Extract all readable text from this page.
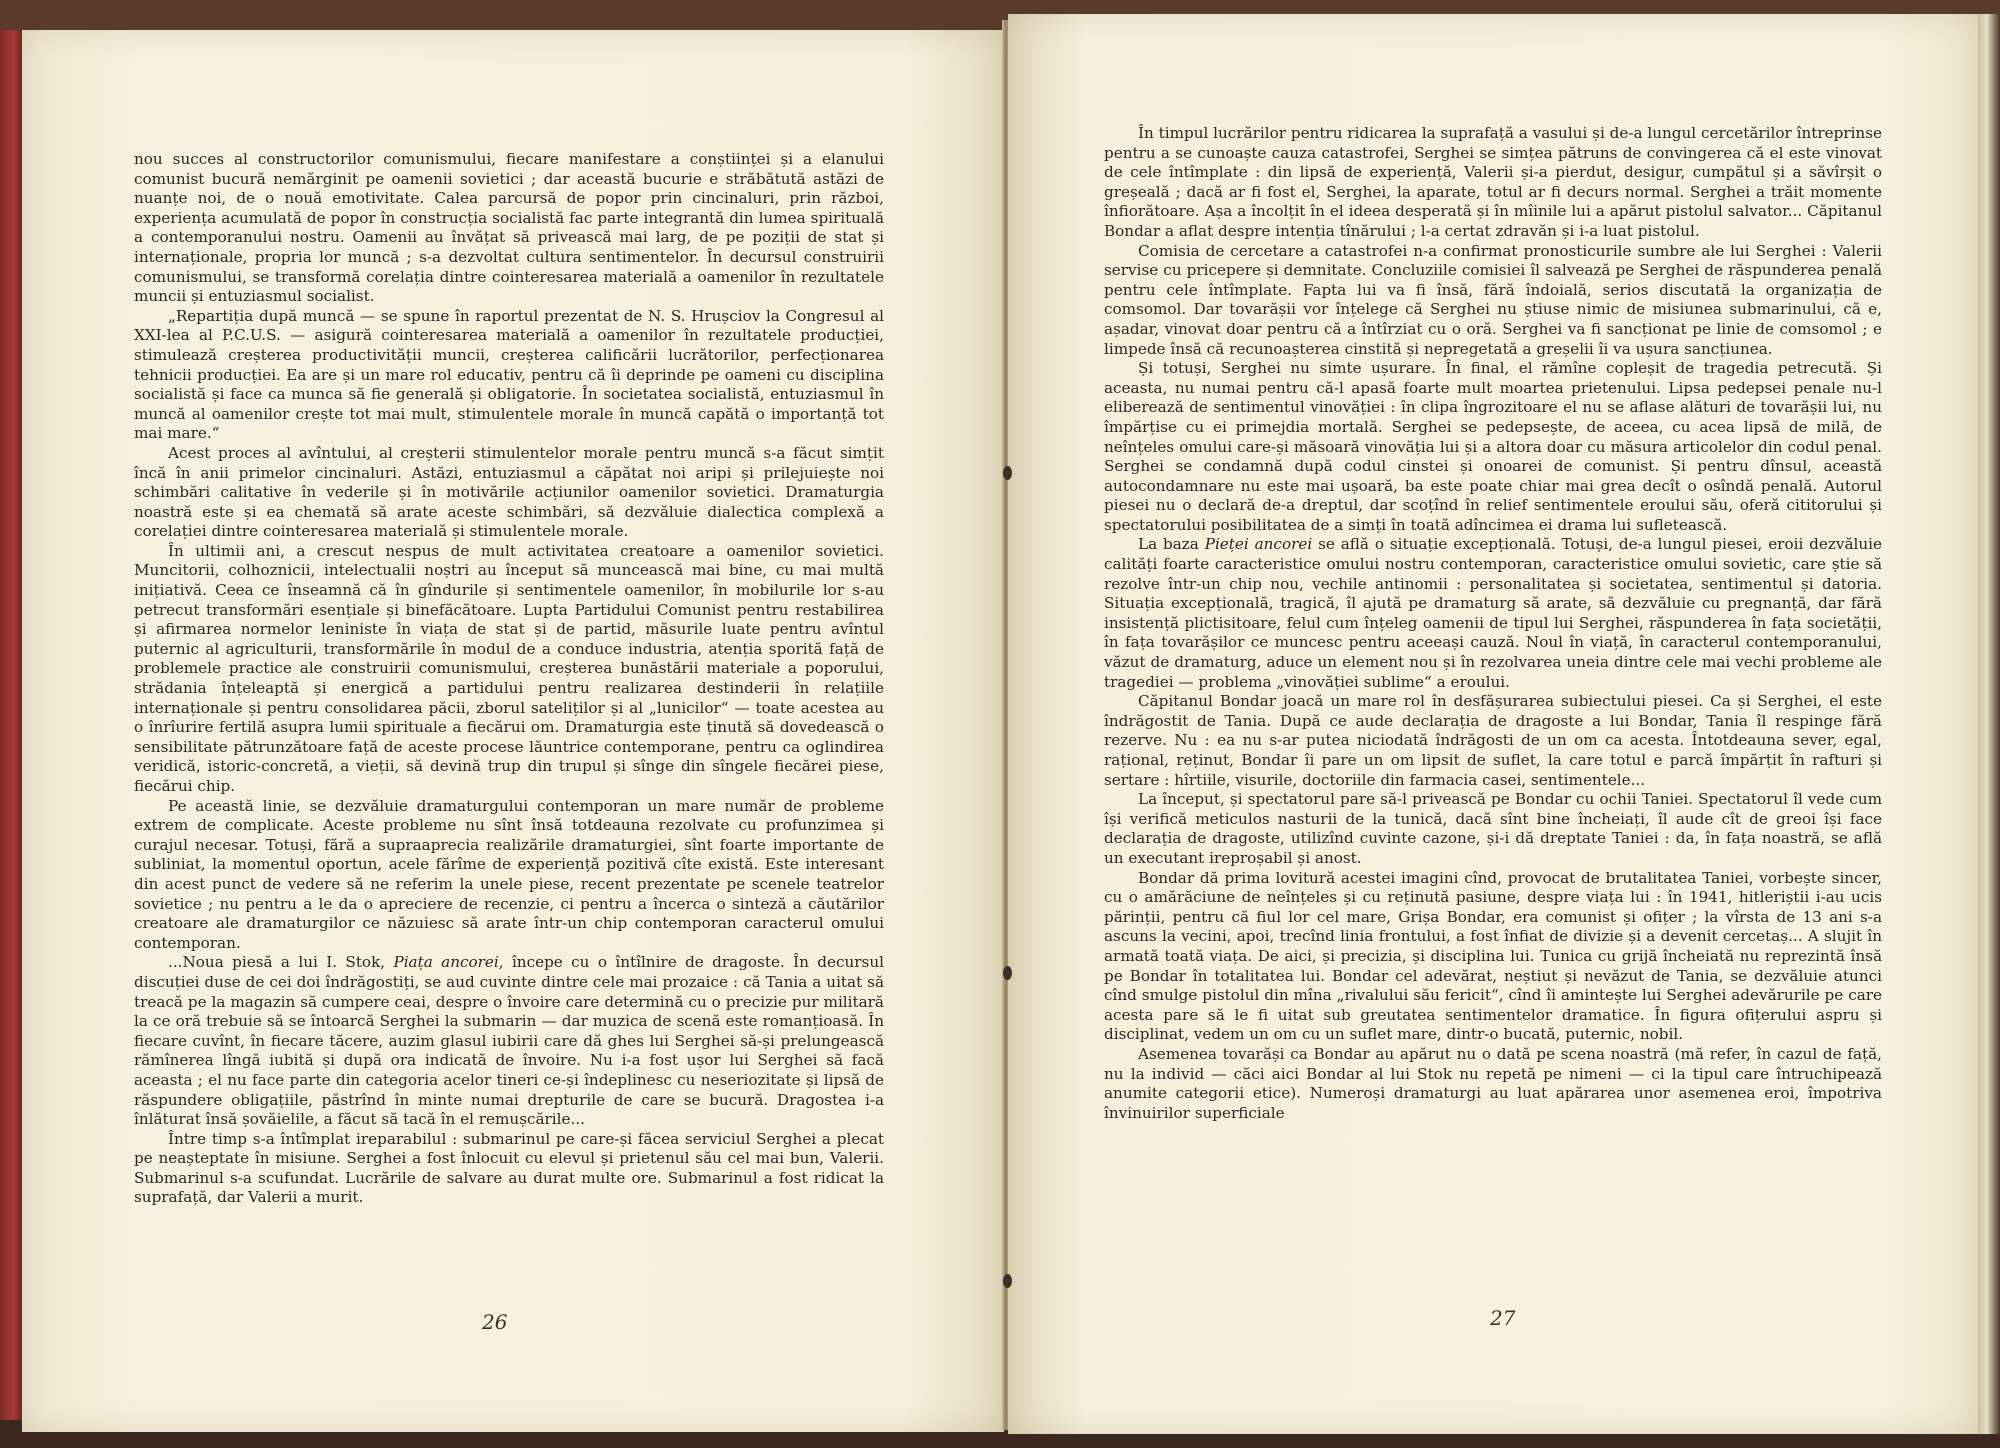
nou succes al constructorilor comunismului, fiecare manifestare a conștiinței și a elanului comunist bucură nemărginit pe oamenii sovietici ; dar această bucurie e străbătută astăzi de nuanțe noi, de o nouă emotivitate. Calea parcursă de popor prin cincinaluri, prin război, experiența acumulată de popor în construcția socialistă fac parte integrantă din lumea spirituală a contemporanului nostru. Oamenii au învățat să privească mai larg, de pe poziții de stat și internaționale, propria lor muncă ; s-a dezvoltat cultura sentimentelor. În decursul construirii comunismului, se transformă corelația dintre cointeresarea materială a oamenilor în rezultatele muncii și entuziasmul socialist.

„Repartiția după muncă — se spune în raportul prezentat de N. S. Hrușciov la Congresul al XXI-lea al P.C.U.S. — asigură cointeresarea materială a oamenilor în rezultatele producției, stimulează creșterea productivității muncii, creșterea calificării lucrătorilor, perfecționarea tehnicii producției. Ea are și un mare rol educativ, pentru că îi deprinde pe oameni cu disciplina socialistă și face ca munca să fie generală și obligatorie. În societatea socialistă, entuziasmul în muncă al oamenilor crește tot mai mult, stimulentele morale în muncă capătă o importanță tot mai mare.“

Acest proces al avîntului, al creșterii stimulentelor morale pentru muncă s-a făcut simțit încă în anii primelor cincinaluri. Astăzi, entuziasmul a căpătat noi aripi și prilejuiește noi schimbări calitative în vederile și în motivările acțiunilor oamenilor sovietici. Dramaturgia noastră este și ea chemată să arate aceste schimbări, să dezvăluie dialectica complexă a corelației dintre cointeresarea materială și stimulentele morale.

În ultimii ani, a crescut nespus de mult activitatea creatoare a oamenilor sovietici. Muncitorii, colhoznicii, intelectualii noștri au început să muncească mai bine, cu mai multă inițiativă. Ceea ce înseamnă că în gîndurile și sentimentele oamenilor, în mobilurile lor s-au petrecut transformări esențiale și binefăcătoare. Lupta Partidului Comunist pentru restabilirea și afirmarea normelor leniniste în viața de stat și de partid, măsurile luate pentru avîntul puternic al agriculturii, transformările în modul de a conduce industria, atenția sporită față de problemele practice ale construirii comunismului, creșterea bunăstării materiale a poporului, strădania înțeleaptă și energică a partidului pentru realizarea destinderii în relațiile internaționale și pentru consolidarea păcii, zborul sateliților și al „lunicilor“ — toate acestea au o înrîurire fertilă asupra lumii spirituale a fiecărui om. Dramaturgia este ținută să dovedească o sensibilitate pătrunzătoare față de aceste procese lăuntrice contemporane, pentru ca oglindirea veridică, istoric-concretă, a vieții, să devină trup din trupul și sînge din sîngele fiecărei piese, fiecărui chip.

Pe această linie, se dezvăluie dramaturgului contemporan un mare număr de probleme extrem de complicate. Aceste probleme nu sînt însă totdeauna rezolvate cu profunzimea și curajul necesar. Totuși, fără a supraaprecia realizările dramaturgiei, sînt foarte importante de subliniat, la momentul oportun, acele fărîme de experiență pozitivă cîte există. Este interesant din acest punct de vedere să ne referim la unele piese, recent prezentate pe scenele teatrelor sovietice ; nu pentru a le da o apreciere de recenzie, ci pentru a încerca o sinteză a căutărilor creatoare ale dramaturgilor ce năzuiesc să arate într-un chip contemporan caracterul omului contemporan.

...Noua piesă a lui I. Stok, Piața ancorei, începe cu o întîlnire de dragoste. În decursul discuției duse de cei doi îndrăgostiți, se aud cuvinte dintre cele mai prozaice : că Tania a uitat să treacă pe la magazin să cumpere ceai, despre o învoire care determină cu o precizie pur militară la ce oră trebuie să se întoarcă Serghei la submarin — dar muzica de scenă este romanțioasă. În fiecare cuvînt, în fiecare tăcere, auzim glasul iubirii care dă ghes lui Serghei să-și prelungească rămînerea lîngă iubită și după ora indicată de învoire. Nu i-a fost ușor lui Serghei să facă aceasta ; el nu face parte din categoria acelor tineri ce-și îndeplinesc cu neseriozitate și lipsă de răspundere obligațiile, păstrînd în minte numai drepturile de care se bucură. Dragostea i-a înlăturat însă șovăielile, a făcut să tacă în el remușcările...

Între timp s-a întîmplat ireparabilul : submarinul pe care-și făcea serviciul Serghei a plecat pe neașteptate în misiune. Serghei a fost înlocuit cu elevul și prietenul său cel mai bun, Valerii. Submarinul s-a scufundat. Lucrările de salvare au durat multe ore. Submarinul a fost ridicat la suprafață, dar Valerii a murit.

26

În timpul lucrărilor pentru ridicarea la suprafață a vasului și de-a lungul cercetărilor întreprinse pentru a se cunoaște cauza catastrofei, Serghei se simțea pătruns de convingerea că el este vinovat de cele întîmplate : din lipsă de experiență, Valerii și-a pierdut, desigur, cumpătul și a săvîrșit o greșeală ; dacă ar fi fost el, Serghei, la aparate, totul ar fi decurs normal. Serghei a trăit momente înfiorătoare. Așa a încolțit în el ideea desperată și în mîinile lui a apărut pistolul salvator... Căpitanul Bondar a aflat despre intenția tînărului ; l-a certat zdravăn și i-a luat pistolul.

Comisia de cercetare a catastrofei n-a confirmat pronosticurile sumbre ale lui Serghei : Valerii servise cu pricepere și demnitate. Concluziile comisiei îl salvează pe Serghei de răspunderea penală pentru cele întîmplate. Fapta lui va fi însă, fără îndoială, serios discutată la organizația de comsomol. Dar tovarășii vor înțelege că Serghei nu știuse nimic de misiunea submarinului, că e, așadar, vinovat doar pentru că a întîrziat cu o oră. Serghei va fi sancționat pe linie de comsomol ; e limpede însă că recunoașterea cinstită și nepregetată a greșelii îi va ușura sancțiunea.

Și totuși, Serghei nu simte ușurare. În final, el rămîne copleșit de tragedia petrecută. Și aceasta, nu numai pentru că-l apasă foarte mult moartea prietenului. Lipsa pedepsei penale nu-l eliberează de sentimentul vinovăției : în clipa îngrozitoare el nu se aflase alături de tovarășii lui, nu împărțise cu ei primejdia mortală. Serghei se pedepsește, de aceea, cu acea lipsă de milă, de neînțeles omului care-și măsoară vinovăția lui și a altora doar cu măsura articolelor din codul penal. Serghei se condamnă după codul cinstei și onoarei de comunist. Și pentru dînsul, această autocondamnare nu este mai ușoară, ba este poate chiar mai grea decît o osîndă penală. Autorul piesei nu o declară de-a dreptul, dar scoțînd în relief sentimentele eroului său, oferă cititorului și spectatorului posibilitatea de a simți în toată adîncimea ei drama lui sufletească.

La baza Pieței ancorei se află o situație excepțională. Totuși, de-a lungul piesei, eroii dezvăluie calități foarte caracteristice omului nostru contemporan, caracteristice omului sovietic, care știe să rezolve într-un chip nou, vechile antinomii : personalitatea și societatea, sentimentul și datoria. Situația excepțională, tragică, îl ajută pe dramaturg să arate, să dezvăluie cu pregnanță, dar fără insistență plictisitoare, felul cum înțeleg oamenii de tipul lui Serghei, răspunderea în fața societății, în fața tovarășilor ce muncesc pentru aceeași cauză. Noul în viață, în caracterul contemporanului, văzut de dramaturg, aduce un element nou și în rezolvarea uneia dintre cele mai vechi probleme ale tragediei — problema „vinovăției sublime“ a eroului.

Căpitanul Bondar joacă un mare rol în desfășurarea subiectului piesei. Ca și Serghei, el este îndrăgostit de Tania. După ce aude declarația de dragoste a lui Bondar, Tania îl respinge fără rezerve. Nu : ea nu s-ar putea niciodată îndrăgosti de un om ca acesta. Întotdeauna sever, egal, rațional, reținut, Bondar îi pare un om lipsit de suflet, la care totul e parcă împărțit în rafturi și sertare : hîrtiile, visurile, doctoriile din farmacia casei, sentimentele...

La început, și spectatorul pare să-l privească pe Bondar cu ochii Taniei. Spectatorul îl vede cum își verifică meticulos nasturii de la tunică, dacă sînt bine încheiați, îl aude cît de greoi își face declarația de dragoste, utilizînd cuvinte cazone, și-i dă dreptate Taniei : da, în fața noastră, se află un executant ireproșabil și anost.

Bondar dă prima lovitură acestei imagini cînd, provocat de brutalitatea Taniei, vorbește sincer, cu o amărăciune de neînțeles și cu reținută pasiune, despre viața lui : în 1941, hitleriștii i-au ucis părinții, pentru că fiul lor cel mare, Grișa Bondar, era comunist și ofițer ; la vîrsta de 13 ani s-a ascuns la vecini, apoi, trecînd linia frontului, a fost înfiat de divizie și a devenit cercetaș... A slujit în armată toată viața. De aici, și precizia, și disciplina lui. Tunica cu grijă încheiată nu reprezintă însă pe Bondar în totalitatea lui. Bondar cel adevărat, neștiut și nevăzut de Tania, se dezvăluie atunci cînd smulge pistolul din mîna „rivalului său fericit“, cînd îi amintește lui Serghei adevărurile pe care acesta pare să le fi uitat sub greutatea sentimentelor dramatice. În figura ofițerului aspru și disciplinat, vedem un om cu un suflet mare, dintr-o bucată, puternic, nobil.

Asemenea tovarăși ca Bondar au apărut nu o dată pe scena noastră (mă refer, în cazul de față, nu la individ — căci aici Bondar al lui Stok nu repetă pe nimeni — ci la tipul care întruchipează anumite categorii etice). Numeroși dramaturgi au luat apărarea unor asemenea eroi, împotriva învinuirilor superficiale

27
